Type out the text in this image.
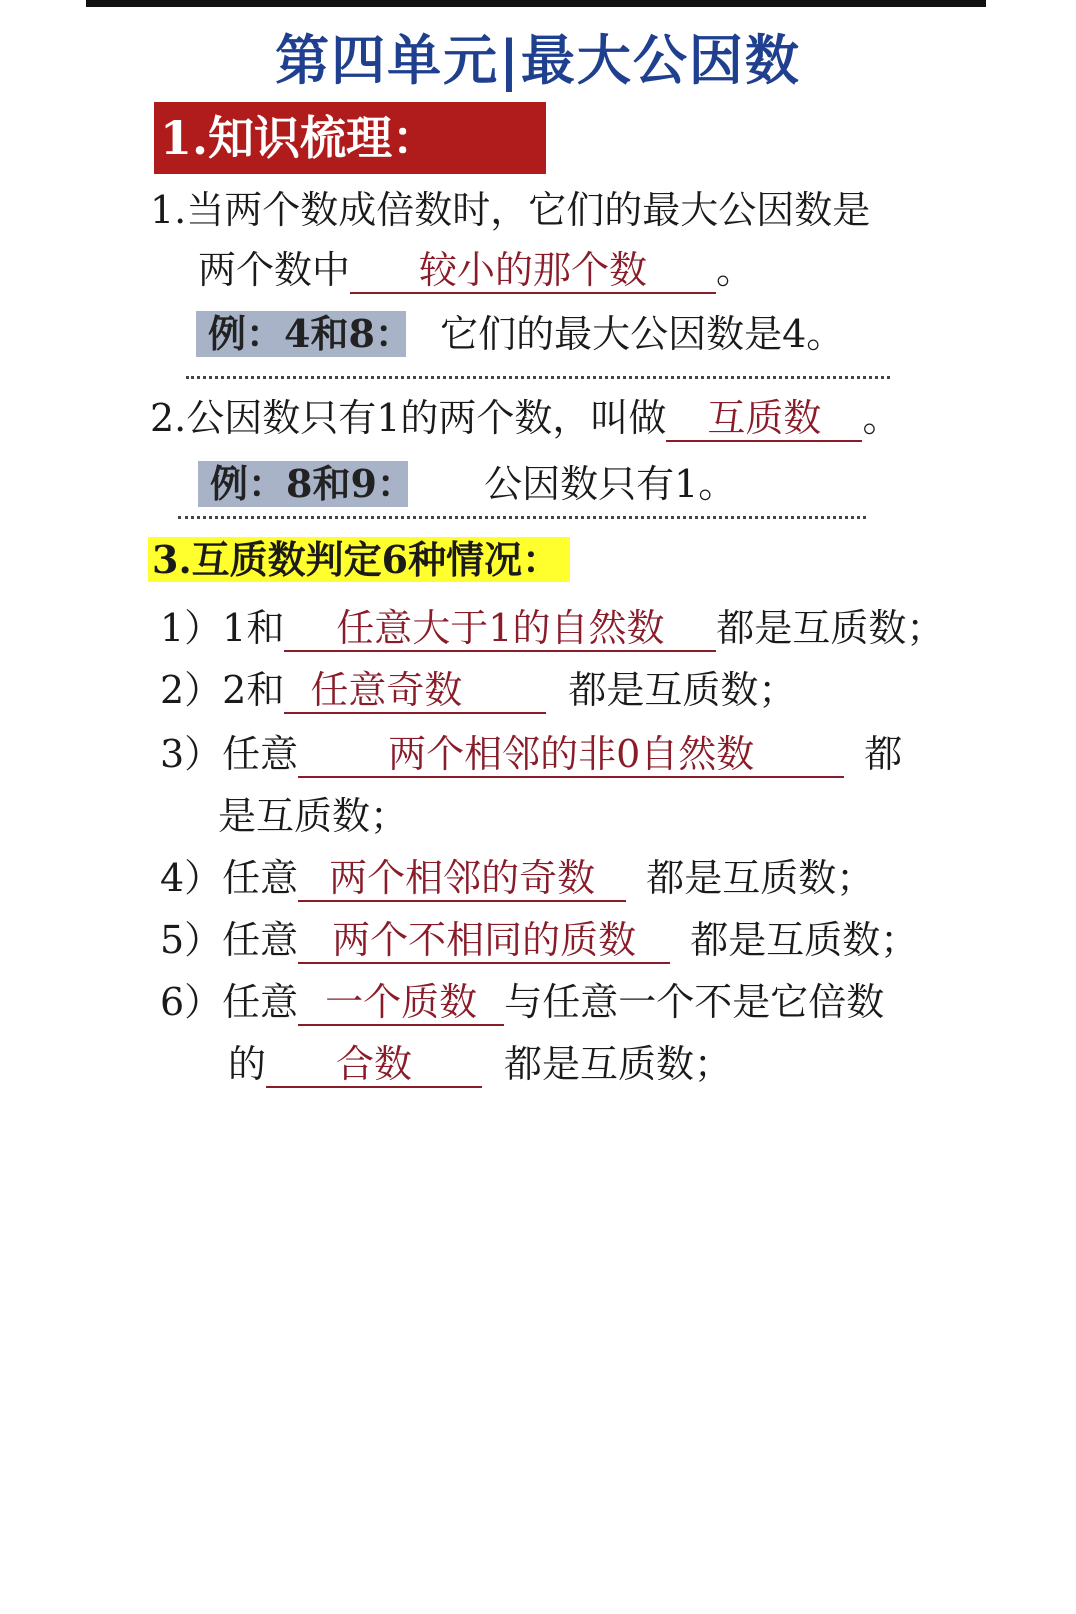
第四单元|最大公因数
1.知识梳理：
1.当两个数成倍数时，它们的最大公因数是
两个数中 较小的那个数 。
例：4和8： 它们的最大公因数是4。
2.公因数只有1的两个数，叫做 互质数 。
例：8和9： 公因数只有1。
3.互质数判定6种情况：
1）1和 任意大于1的自然数 都是互质数；
2）2和 任意奇数	都是互质数；
3）任意 两个相邻的非0自然数	都
是互质数；
4）任意 两个相邻的奇数 都是互质数；
5）任意 两个不相同的质数 都是互质数；
6）任意 一个质数 与任意一个不是它倍数
的 合数 都是互质数；
